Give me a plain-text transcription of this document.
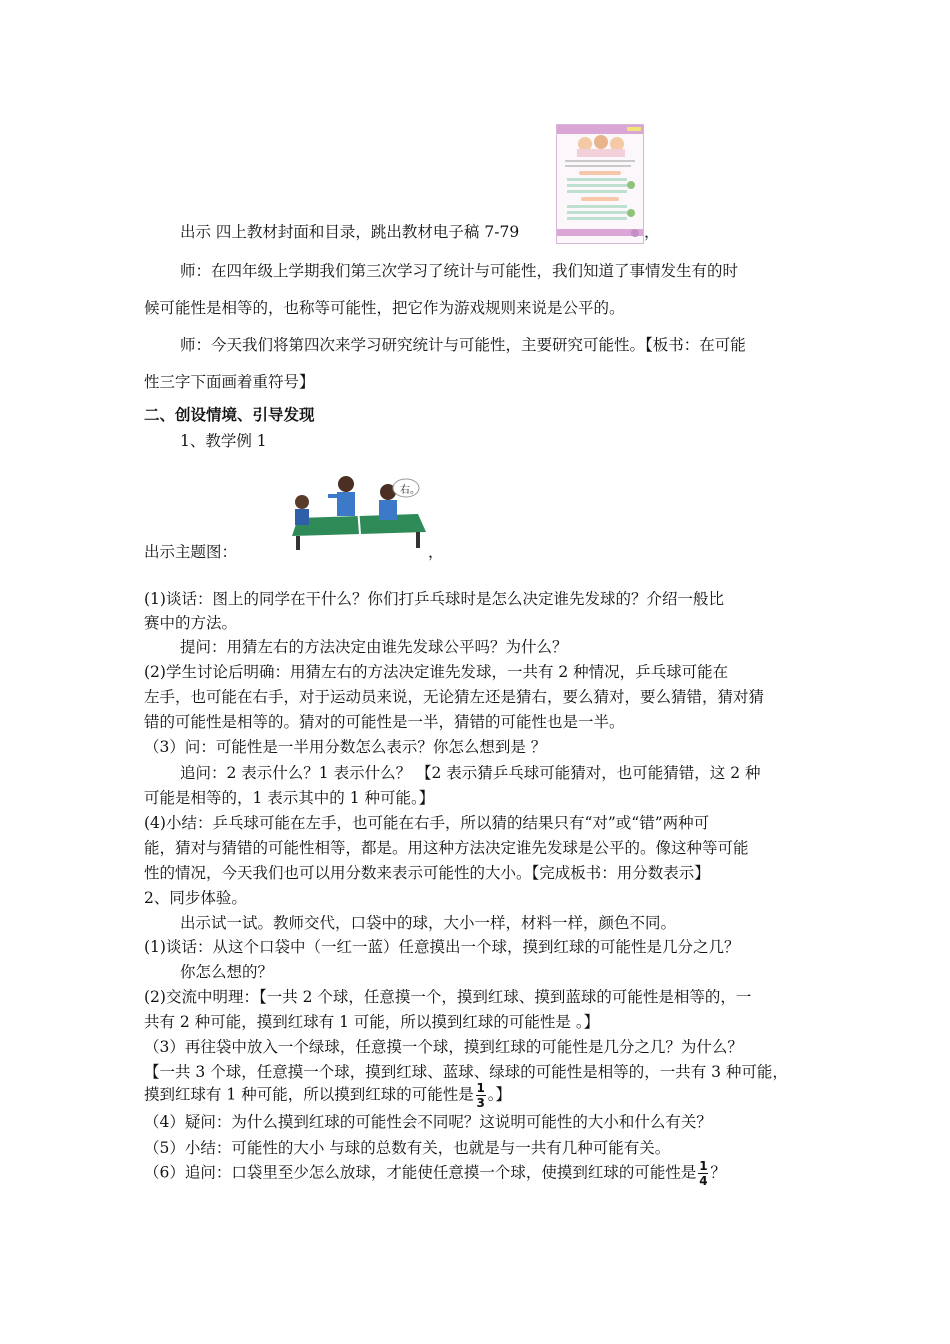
出示 四上教材封面和目录，跳出教材电子稿 7-79	，
师：在四年级上学期我们第三次学习了统计与可能性，我们知道了事情发生有的时
候可能性是相等的，也称等可能性，把它作为游戏规则来说是公平的。
师：今天我们将第四次来学习研究统计与可能性，主要研究可能性。【板书：在可能
性三字下面画着重符号】
二、创设情境、引导发现
1、教学例 1
例1
右。
出示主题图：	，
(1)谈话：图上的同学在干什么？你们打乒乓球时是怎么决定谁先发球的？介绍一般比
赛中的方法。
提问：用猜左右的方法决定由谁先发球公平吗？为什么？
(2)学生讨论后明确：用猜左右的方法决定谁先发球，一共有 2 种情况，乒乓球可能在
左手，也可能在右手，对于运动员来说，无论猜左还是猜右，要么猜对，要么猜错，猜对猜
错的可能性是相等的。猜对的可能性是一半，猜错的可能性也是一半。
（3）问：可能性是一半用分数怎么表示？你怎么想到是 ？
追问：2 表示什么？1 表示什么？ 【2 表示猜乒乓球可能猜对，也可能猜错，这 2 种
可能是相等的，1 表示其中的 1 种可能。】
(4)小结：乒乓球可能在左手，也可能在右手，所以猜的结果只有“对”或“错”两种可
能，猜对与猜错的可能性相等，都是。用这种方法决定谁先发球是公平的。像这种等可能
性的情况，今天我们也可以用分数来表示可能性的大小。【完成板书：用分数表示】
2、同步体验。
出示试一试。教师交代，口袋中的球，大小一样，材料一样，颜色不同。
(1)谈话：从这个口袋中（一红一蓝）任意摸出一个球，摸到红球的可能性是几分之几？
你怎么想的？
(2)交流中明理：【一共 2 个球，任意摸一个，摸到红球、摸到蓝球的可能性是相等的，一
共有 2 种可能，摸到红球有 1 可能，所以摸到红球的可能性是 。】
（3）再往袋中放入一个绿球，任意摸一个球，摸到红球的可能性是几分之几？为什么？
【一共 3 个球，任意摸一个球，摸到红球、蓝球、绿球的可能性是相等的，一共有 3 种可能，
摸到红球有 1 种可能，所以摸到红球的可能性是 $\frac{1}{3}$ 。】
（4）疑问：为什么摸到红球的可能性会不同呢？这说明可能性的大小和什么有关？
（5）小结：可能性的大小 与球的总数有关，也就是与一共有几种可能有关。
（6）追问：口袋里至少怎么放球，才能使任意摸一个球，使摸到红球的可能性是 $\frac{1}{4}$ ？
